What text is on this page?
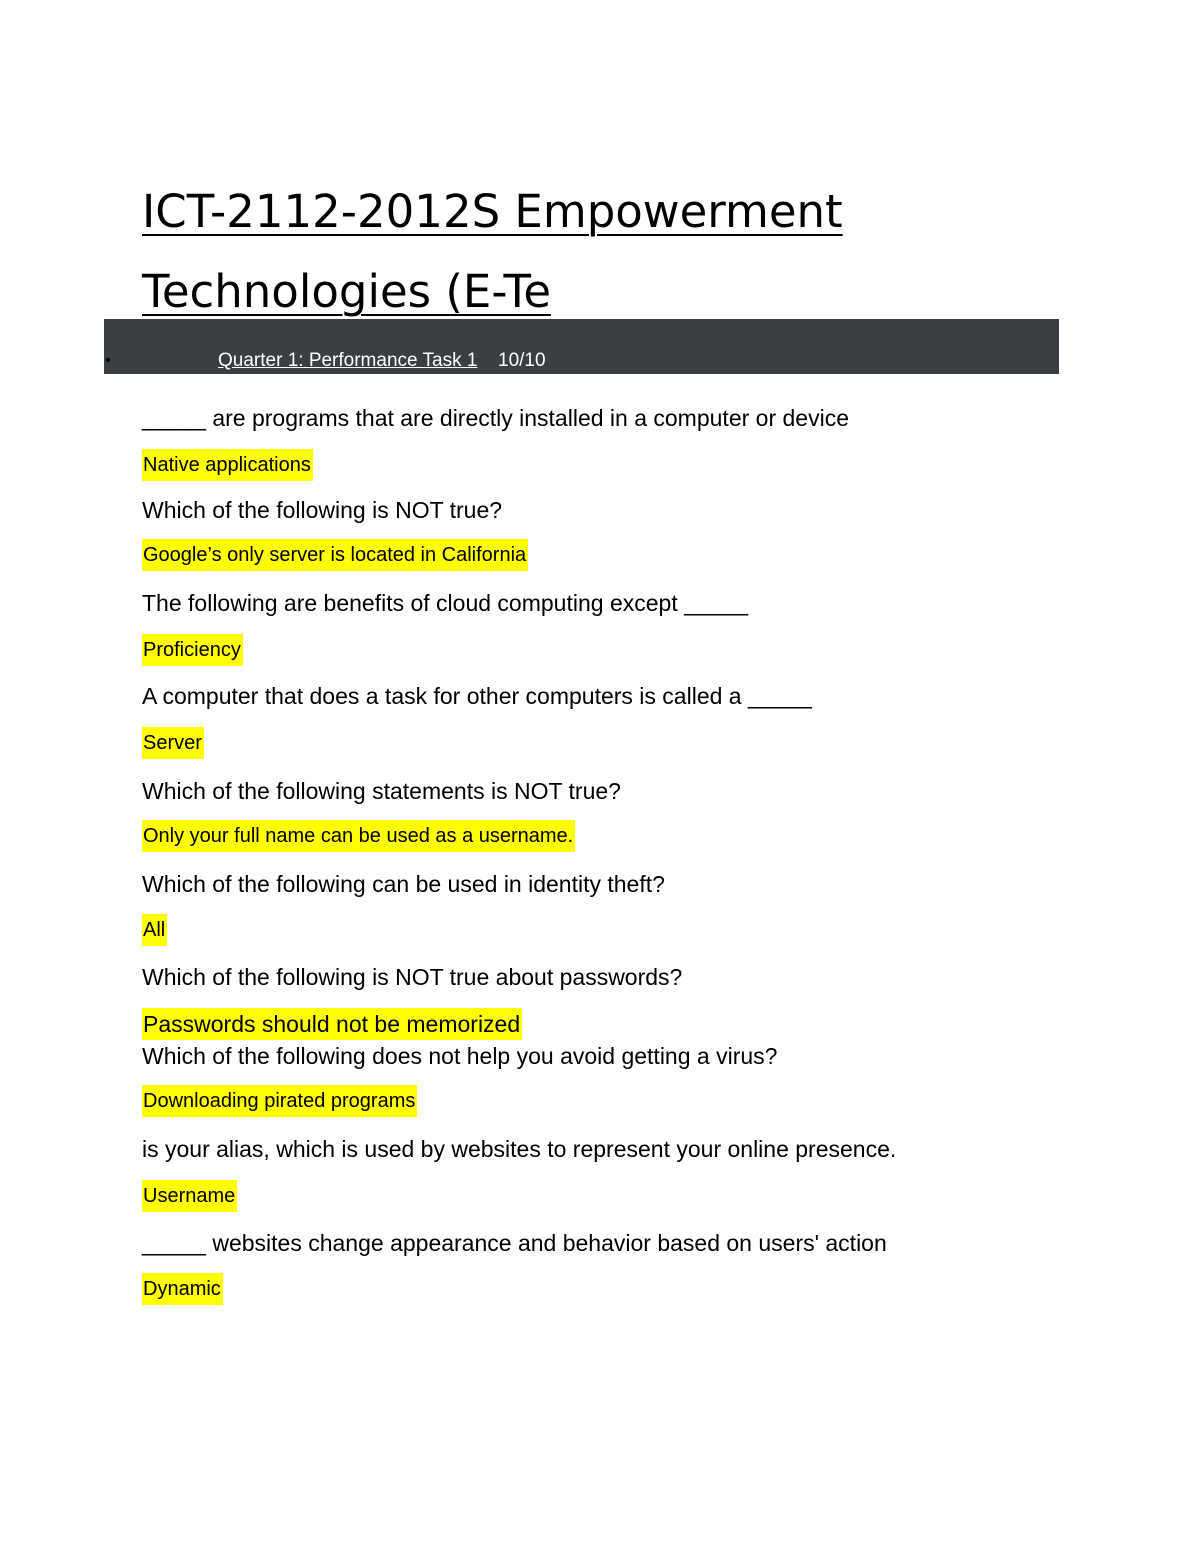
ICT-2112-2012S Empowerment
Technologies (E-Te
•	Quarter 1: Performance Task 1 10/10
_____ are programs that are directly installed in a computer or device
Native applications
Which of the following is NOT true?
Google’s only server is located in California
The following are benefits of cloud computing except _____
Proficiency
A computer that does a task for other computers is called a _____
Server
Which of the following statements is NOT true?
Only your full name can be used as a username.
Which of the following can be used in identity theft?
All
Which of the following is NOT true about passwords?
Passwords should not be memorized
Which of the following does not help you avoid getting a virus?
Downloading pirated programs
is your alias, which is used by websites to represent your online presence.
Username
_____ websites change appearance and behavior based on users' action
Dynamic
